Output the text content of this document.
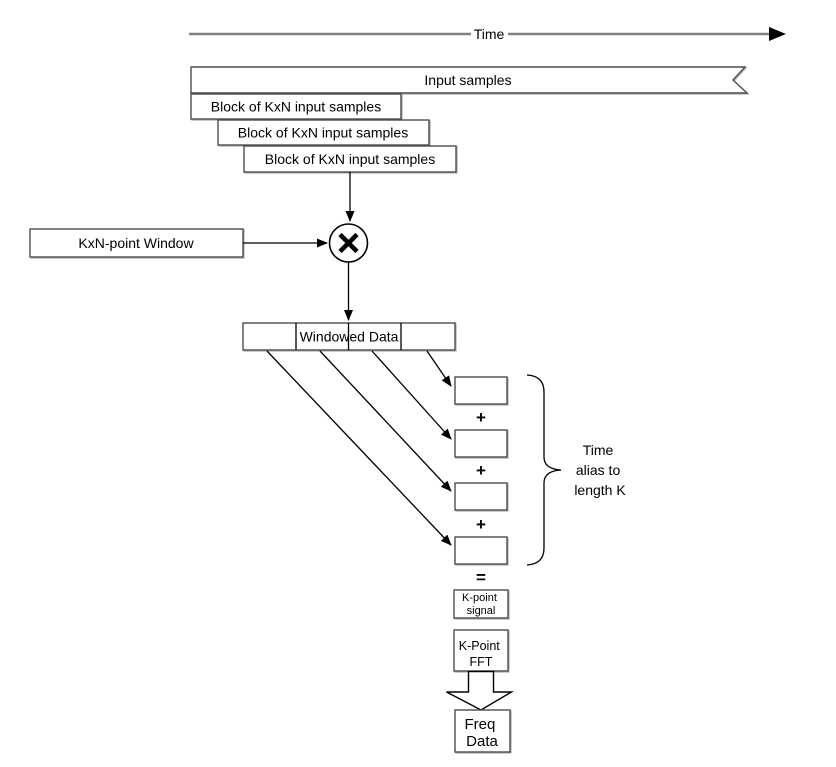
Time
Input samples
Block of KxN input samples
Block of KxN input samples
Block of KxN input samples
KxN-point Window
Windowed Data
+
+
+
=
Time alias to length K
K-point signal
K-Point FFT
Freq Data
